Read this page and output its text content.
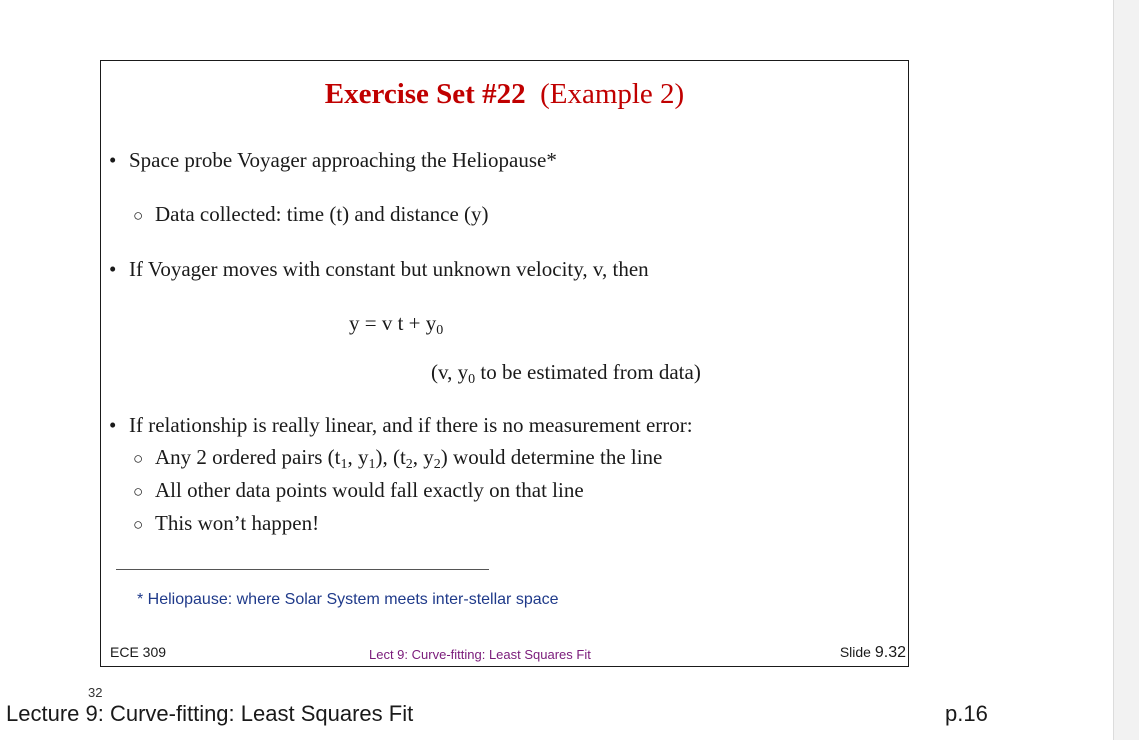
Exercise Set #22 (Example 2)
• Space probe Voyager approaching the Heliopause*
○ Data collected: time (t) and distance (y)
• If Voyager moves with constant but unknown velocity, v, then
y = v $t + y_0$
(v, $y_0$ to be estimated from data)
• If relationship is really linear, and if there is no measurement error:
○ Any 2 ordered pairs ($t_1$, $y_1$), ($t_2$, $y_2$) would determine the line
○ All other data points would fall exactly on that line
○ This won’t happen!
* Heliopause: where Solar System meets inter-stellar space
ECE 309	Lect 9: Curve-fitting: Least Squares Fit	Slide 9.32
32
Lecture 9: Curve-fitting: Least Squares Fit	p.16
